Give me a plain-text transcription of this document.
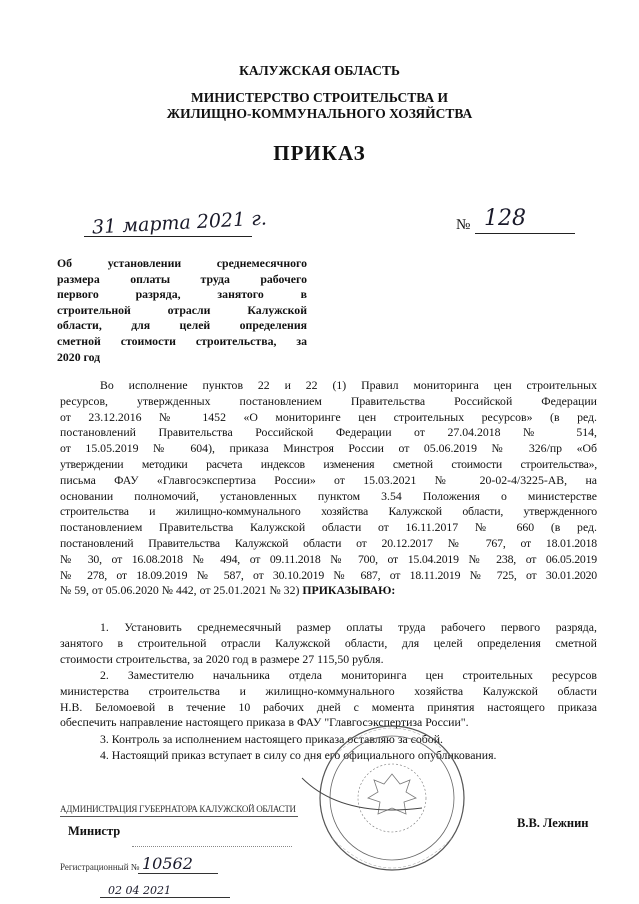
КАЛУЖСКАЯ ОБЛАСТЬ
МИНИСТЕРСТВО СТРОИТЕЛЬСТВА И
ЖИЛИЩНО-КОММУНАЛЬНОГО ХОЗЯЙСТВА
ПРИКАЗ
31 марта 2021 г.	№ 128
Об установлении среднемесячного
размера оплаты труда рабочего
первого разряда, занятого в
строительной отрасли Калужской
области, для целей определения
сметной стоимости строительства, за
2020 год
Во исполнение пунктов 22 и 22 (1) Правил мониторинга цен строительных
ресурсов, утвержденных постановлением Правительства Российской Федерации
от 23.12.2016 № 1452 «О мониторинге цен строительных ресурсов» (в ред.
постановлений Правительства Российской Федерации от 27.04.2018 № 514,
от 15.05.2019 № 604), приказа Минстроя России от 05.06.2019 № 326/пр «Об
утверждении методики расчета индексов изменения сметной стоимости строительства»,
письма ФАУ «Главгосэкспертиза России» от 15.03.2021 № 20-02-4/3225-АВ, на
основании полномочий, установленных пунктом 3.54 Положения о министерстве
строительства и жилищно-коммунального хозяйства Калужской области, утвержденного
постановлением Правительства Калужской области от 16.11.2017 № 660 (в ред.
постановлений Правительства Калужской области от 20.12.2017 № 767, от 18.01.2018
№ 30, от 16.08.2018 № 494, от 09.11.2018 № 700, от 15.04.2019 № 238, от 06.05.2019
№ 278, от 18.09.2019 № 587, от 30.10.2019 № 687, от 18.11.2019 № 725, от 30.01.2020
№ 59, от 05.06.2020 № 442, от 25.01.2021 № 32) ПРИКАЗЫВАЮ:
1. Установить среднемесячный размер оплаты труда рабочего первого разряда,
занятого в строительной отрасли Калужской области, для целей определения сметной
стоимости строительства, за 2020 год в размере 27 115,50 рубля.
2. Заместителю начальника отдела мониторинга цен строительных ресурсов
министерства строительства и жилищно-коммунального хозяйства Калужской области
Н.В. Беломоевой в течение 10 рабочих дней с момента принятия настоящего приказа
обеспечить направление настоящего приказа в ФАУ "Главгосэкспертиза России".
3. Контроль за исполнением настоящего приказа оставляю за собой.
4. Настоящий приказ вступает в силу со дня его официального опубликования.
АДМИНИСТРАЦИЯ ГУБЕРНАТОРА КАЛУЖСКОЙ ОБЛАСТИ
Министр
Регистрационный № 10562
02 04 2021
В.В. Лежнин
